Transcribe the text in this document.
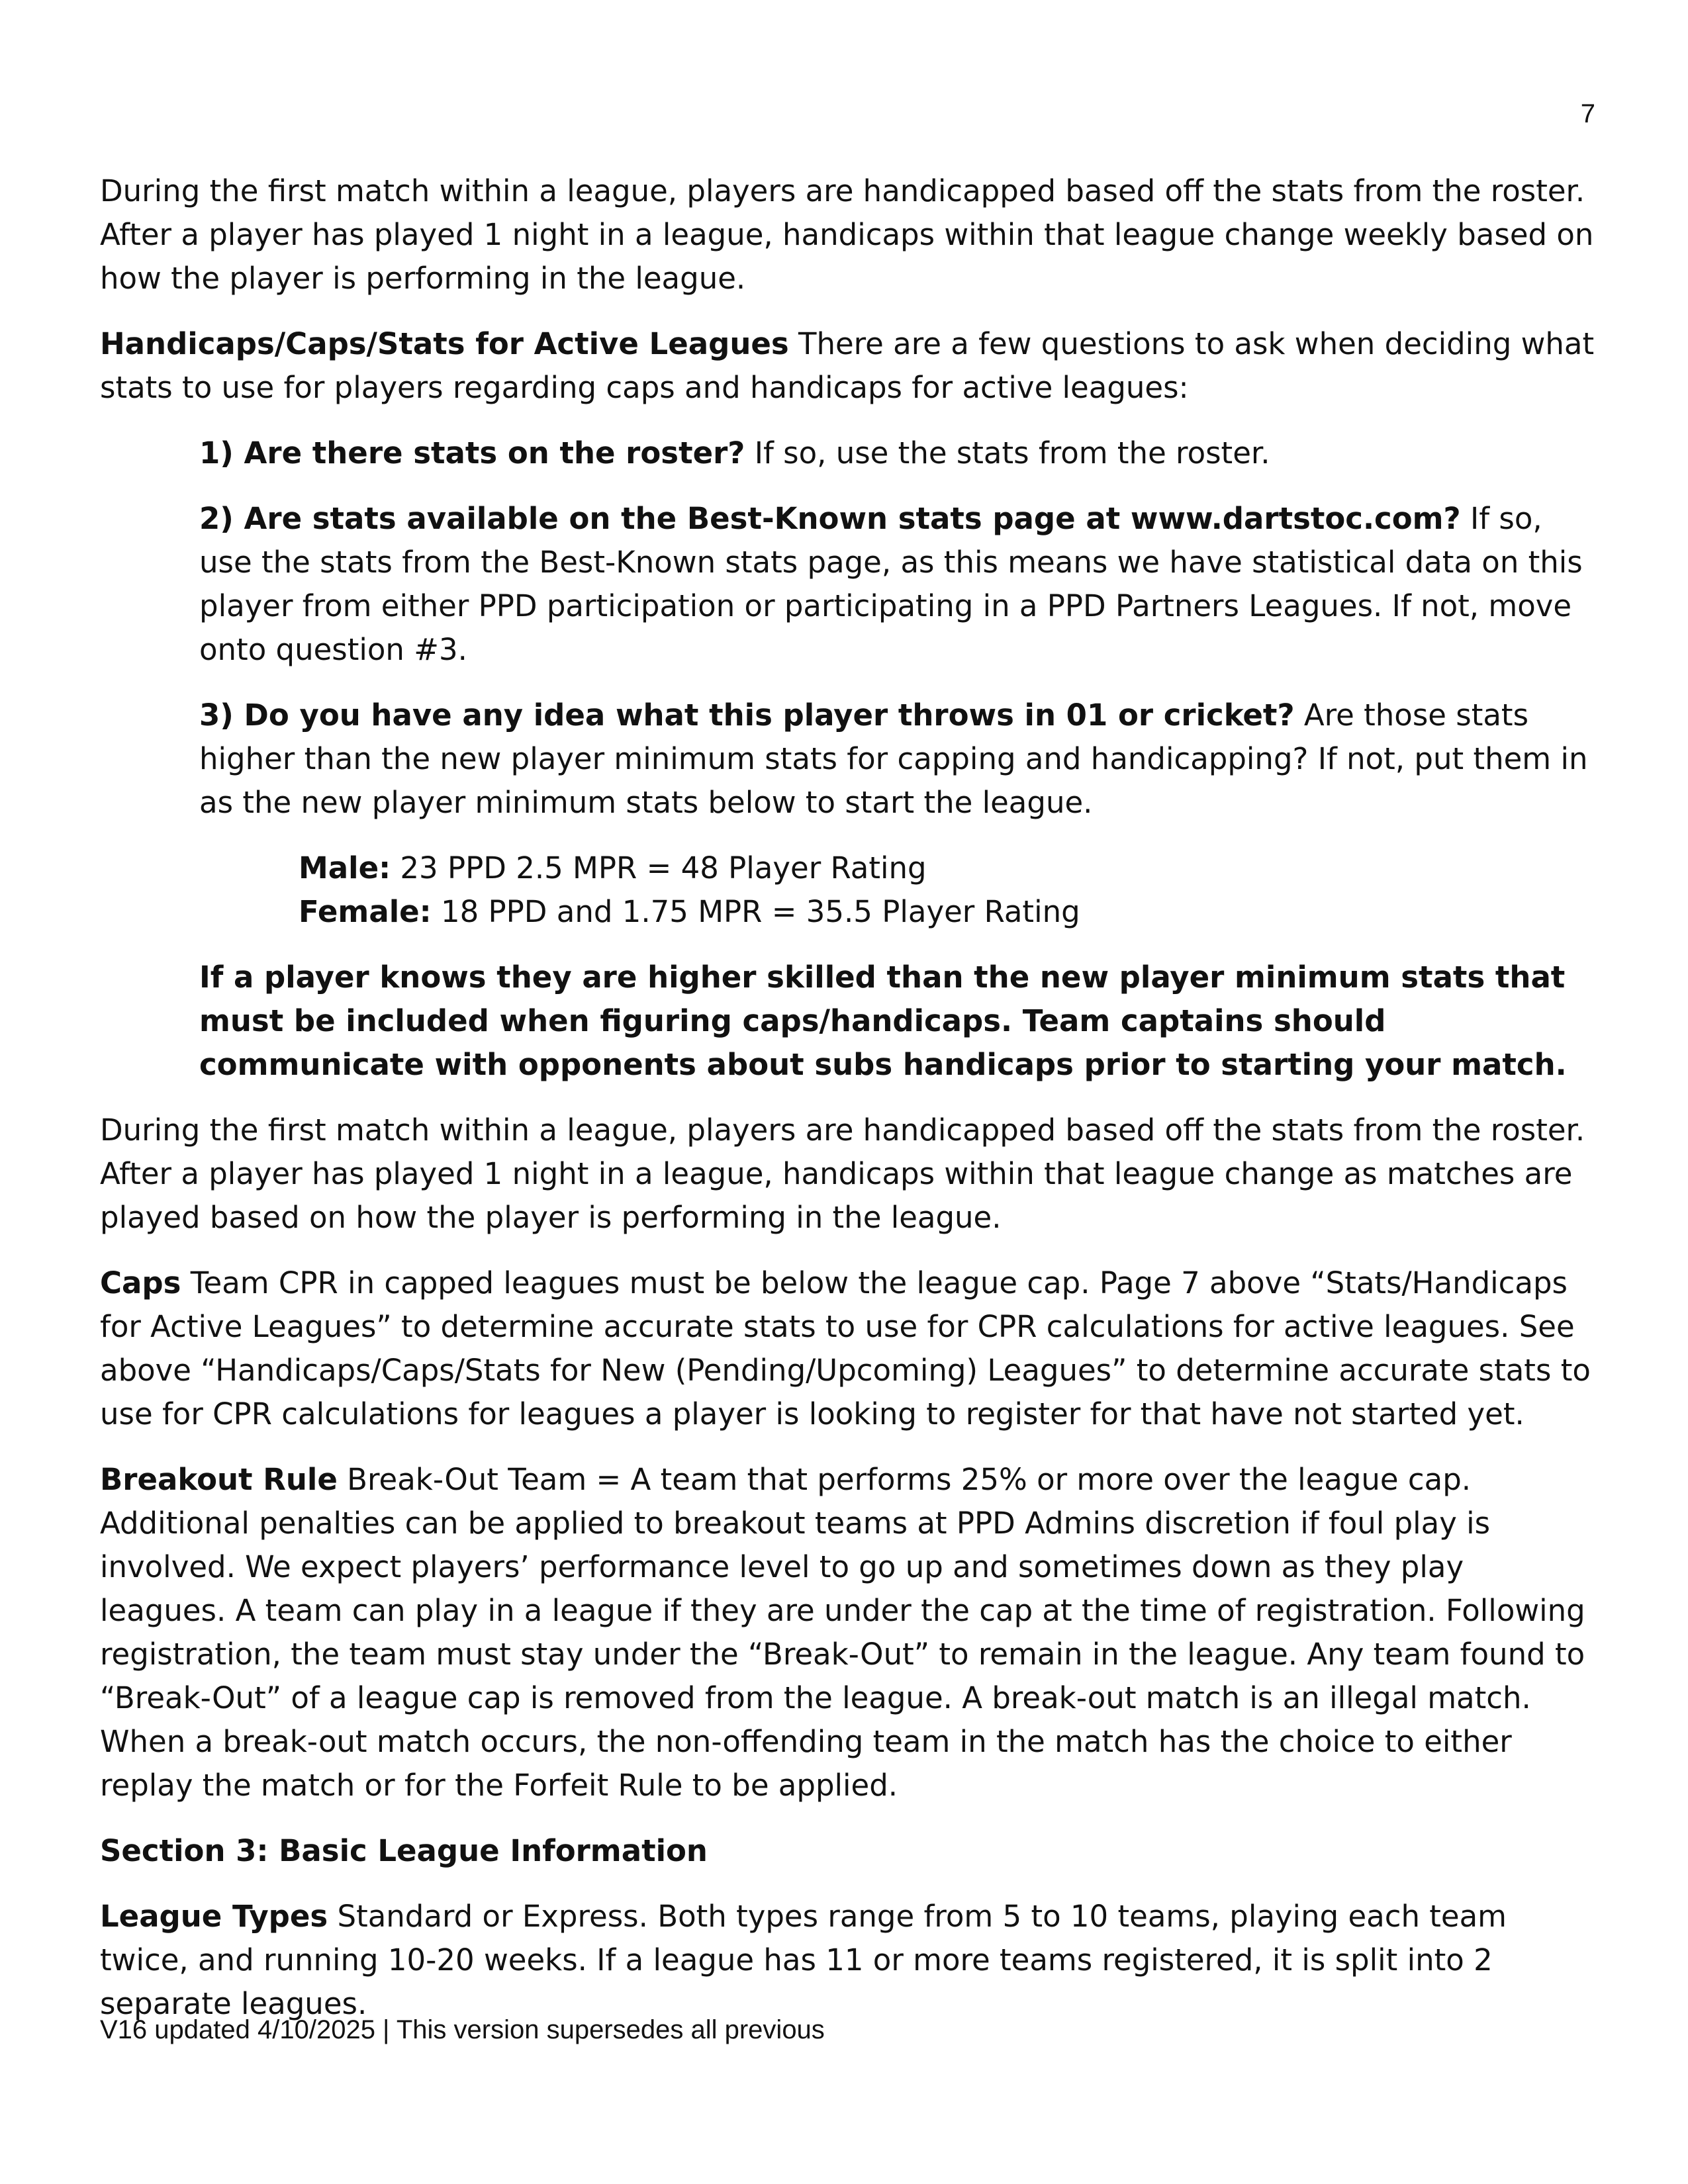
7

During the first match within a league, players are handicapped based off the stats from the roster. After a player has played 1 night in a league, handicaps within that league change weekly based on how the player is performing in the league.

Handicaps/Caps/Stats for Active Leagues There are a few questions to ask when deciding what stats to use for players regarding caps and handicaps for active leagues:

1) Are there stats on the roster? If so, use the stats from the roster.

2) Are stats available on the Best-Known stats page at www.dartstoc.com? If so, use the stats from the Best-Known stats page, as this means we have statistical data on this player from either PPD participation or participating in a PPD Partners Leagues. If not, move onto question #3.

3) Do you have any idea what this player throws in 01 or cricket? Are those stats higher than the new player minimum stats for capping and handicapping? If not, put them in as the new player minimum stats below to start the league.

Male: 23 PPD 2.5 MPR = 48 Player Rating

Female: 18 PPD and 1.75 MPR = 35.5 Player Rating

If a player knows they are higher skilled than the new player minimum stats that must be included when figuring caps/handicaps. Team captains should communicate with opponents about subs handicaps prior to starting your match.

During the first match within a league, players are handicapped based off the stats from the roster. After a player has played 1 night in a league, handicaps within that league change as matches are played based on how the player is performing in the league.

Caps Team CPR in capped leagues must be below the league cap. Page 7 above “Stats/Handicaps for Active Leagues” to determine accurate stats to use for CPR calculations for active leagues. See above “Handicaps/Caps/Stats for New (Pending/Upcoming) Leagues” to determine accurate stats to use for CPR calculations for leagues a player is looking to register for that have not started yet.

Breakout Rule Break-Out Team = A team that performs 25% or more over the league cap. Additional penalties can be applied to breakout teams at PPD Admins discretion if foul play is involved. We expect players’ performance level to go up and sometimes down as they play leagues. A team can play in a league if they are under the cap at the time of registration. Following registration, the team must stay under the “Break-Out” to remain in the league. Any team found to “Break-Out” of a league cap is removed from the league. A break-out match is an illegal match. When a break-out match occurs, the non-offending team in the match has the choice to either replay the match or for the Forfeit Rule to be applied.

Section 3: Basic League Information

League Types Standard or Express. Both types range from 5 to 10 teams, playing each team twice, and running 10-20 weeks. If a league has 11 or more teams registered, it is split into 2 separate leagues.

V16 updated 4/10/2025 | This version supersedes all previous
